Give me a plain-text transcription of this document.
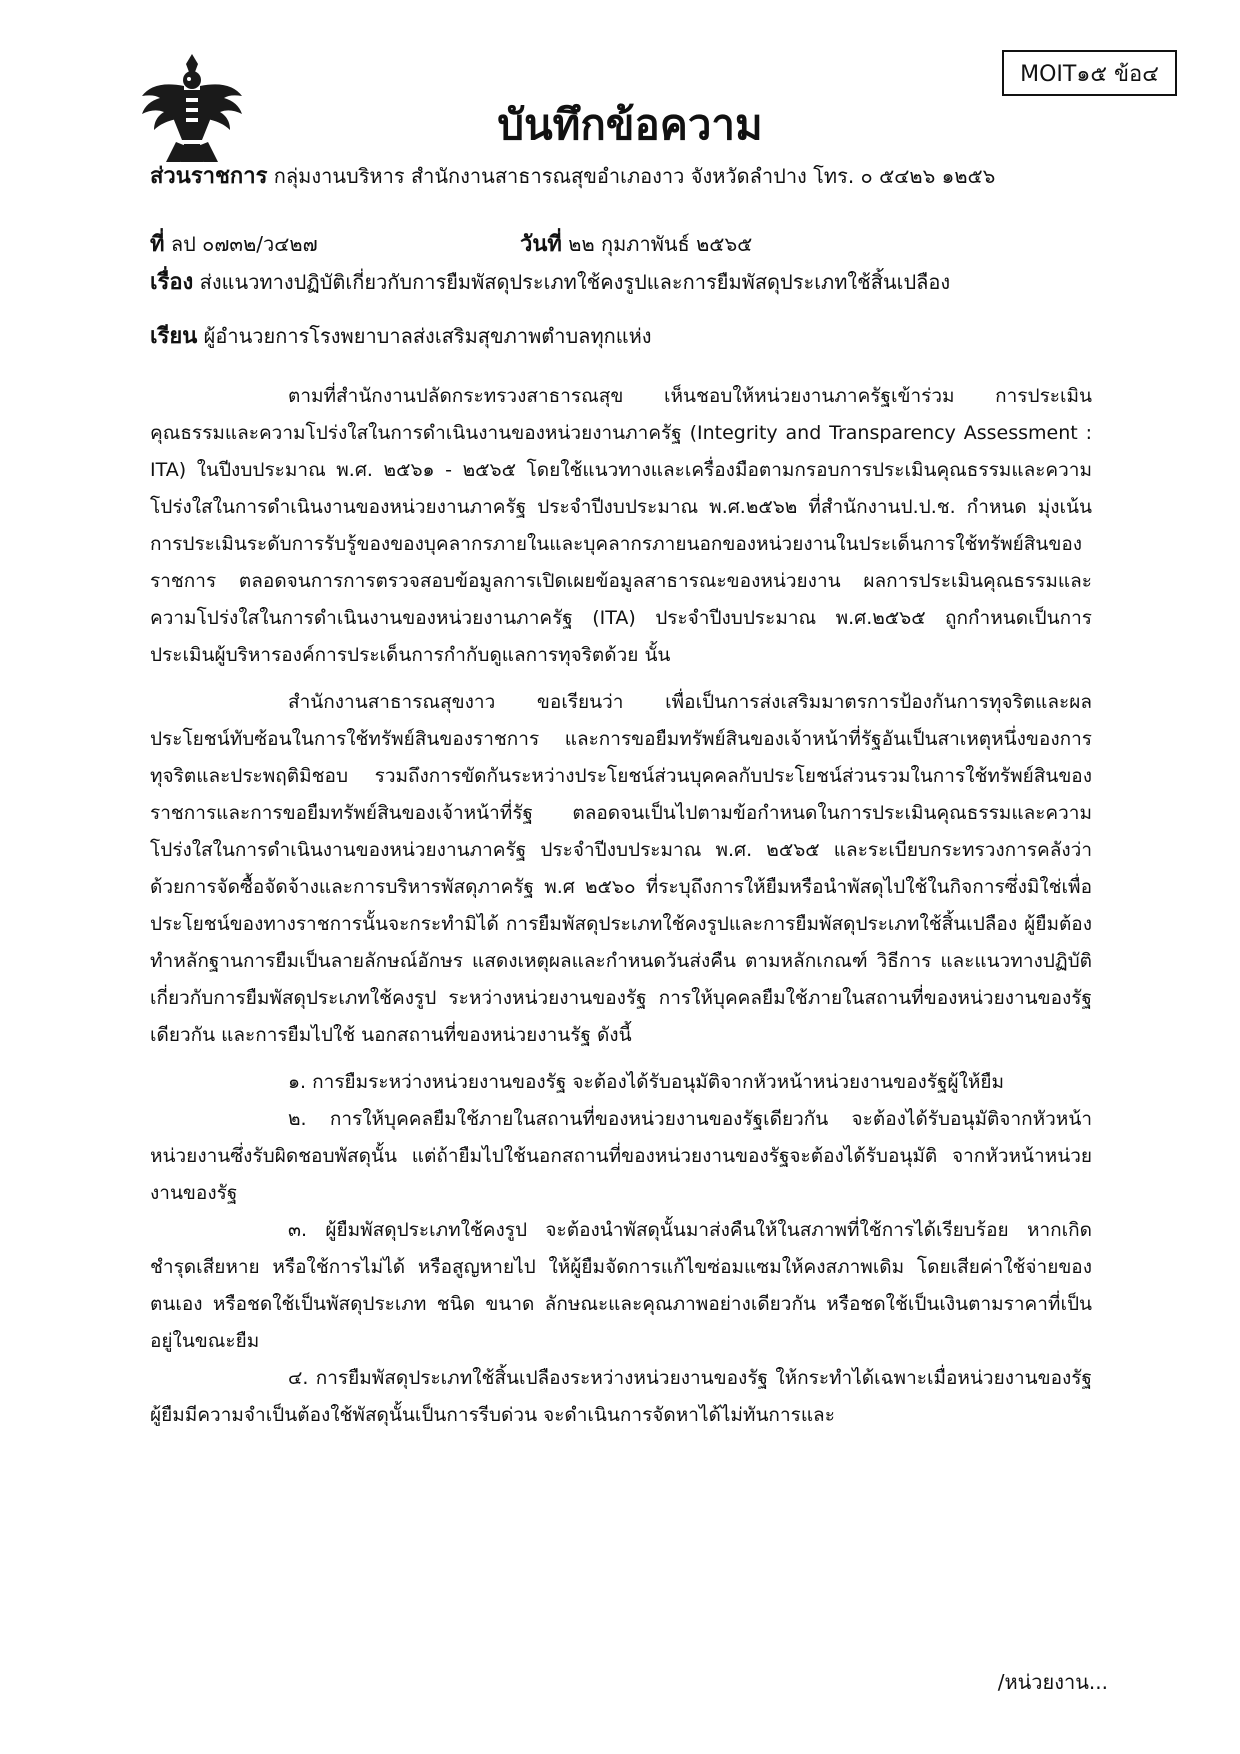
MOIT๑๕ ข้อ๔
บันทึกข้อความ
ส่วนราชการ กลุ่มงานบริหาร สำนักงานสาธารณสุขอำเภองาว จังหวัดลำปาง โทร. ๐ ๕๔๒๖ ๑๒๕๖
ที่ ลป ๐๗๓๒/ว๔๒๗	วันที่ ๒๒ กุมภาพันธ์ ๒๕๖๕
เรื่อง ส่งแนวทางปฏิบัติเกี่ยวกับการยืมพัสดุประเภทใช้คงรูปและการยืมพัสดุประเภทใช้สิ้นเปลือง
เรียน ผู้อำนวยการโรงพยาบาลส่งเสริมสุขภาพตำบลทุกแห่ง

ตามที่สำนักงานปลัดกระทรวงสาธารณสุข เห็นชอบให้หน่วยงานภาครัฐเข้าร่วม การประเมินคุณธรรมและความโปร่งใสในการดำเนินงานของหน่วยงานภาครัฐ (Integrity and Transparency Assessment : ITA) ในปีงบประมาณ พ.ศ. ๒๕๖๑ - ๒๕๖๕ โดยใช้แนวทางและเครื่องมือตามกรอบการประเมินคุณธรรมและความโปร่งใสในการดำเนินงานของหน่วยงานภาครัฐ ประจำปีงบประมาณ พ.ศ.๒๕๖๒ ที่สำนักงานป.ป.ช. กำหนด มุ่งเน้นการประเมินระดับการรับรู้ของของบุคลากรภายในและบุคลากรภายนอกของหน่วยงานในประเด็นการใช้ทรัพย์สินของราชการ ตลอดจนการการตรวจสอบข้อมูลการเปิดเผยข้อมูลสาธารณะของหน่วยงาน ผลการประเมินคุณธรรมและความโปร่งใสในการดำเนินงานของหน่วยงานภาครัฐ (ITA) ประจำปีงบประมาณ พ.ศ.๒๕๖๕ ถูกกำหนดเป็นการประเมินผู้บริหารองค์การประเด็นการกำกับดูแลการทุจริตด้วย นั้น

สำนักงานสาธารณสุขงาว ขอเรียนว่า เพื่อเป็นการส่งเสริมมาตรการป้องกันการทุจริตและผลประโยชน์ทับซ้อนในการใช้ทรัพย์สินของราชการ และการขอยืมทรัพย์สินของเจ้าหน้าที่รัฐอันเป็นสาเหตุหนึ่งของการทุจริตและประพฤติมิชอบ รวมถึงการขัดกันระหว่างประโยชน์ส่วนบุคคลกับประโยชน์ส่วนรวมในการใช้ทรัพย์สินของราชการและการขอยืมทรัพย์สินของเจ้าหน้าที่รัฐ ตลอดจนเป็นไปตามข้อกำหนดในการประเมินคุณธรรมและความโปร่งใสในการดำเนินงานของหน่วยงานภาครัฐ ประจำปีงบประมาณ พ.ศ. ๒๕๖๕ และระเบียบกระทรวงการคลังว่าด้วยการจัดซื้อจัดจ้างและการบริหารพัสดุภาครัฐ พ.ศ ๒๕๖๐ ที่ระบุถึงการให้ยืมหรือนำพัสดุไปใช้ในกิจการซึ่งมิใช่เพื่อประโยชน์ของทางราชการนั้นจะกระทำมิได้ การยืมพัสดุประเภทใช้คงรูปและการยืมพัสดุประเภทใช้สิ้นเปลือง ผู้ยืมต้องทำหลักฐานการยืมเป็นลายลักษณ์อักษร แสดงเหตุผลและกำหนดวันส่งคืน ตามหลักเกณฑ์ วิธีการ และแนวทางปฏิบัติเกี่ยวกับการยืมพัสดุประเภทใช้คงรูป ระหว่างหน่วยงานของรัฐ การให้บุคคลยืมใช้ภายในสถานที่ของหน่วยงานของรัฐเดียวกัน และการยืมไปใช้ นอกสถานที่ของหน่วยงานรัฐ ดังนี้

๑. การยืมระหว่างหน่วยงานของรัฐ จะต้องได้รับอนุมัติจากหัวหน้าหน่วยงานของรัฐผู้ให้ยืม

๒. การให้บุคคลยืมใช้ภายในสถานที่ของหน่วยงานของรัฐเดียวกัน จะต้องได้รับอนุมัติจากหัวหน้าหน่วยงานซึ่งรับผิดชอบพัสดุนั้น แต่ถ้ายืมไปใช้นอกสถานที่ของหน่วยงานของรัฐจะต้องได้รับอนุมัติ จากหัวหน้าหน่วยงานของรัฐ

๓. ผู้ยืมพัสดุประเภทใช้คงรูป จะต้องนำพัสดุนั้นมาส่งคืนให้ในสภาพที่ใช้การได้เรียบร้อย หากเกิดชำรุดเสียหาย หรือใช้การไม่ได้ หรือสูญหายไป ให้ผู้ยืมจัดการแก้ไขซ่อมแซมให้คงสภาพเดิม โดยเสียค่าใช้จ่ายของตนเอง หรือชดใช้เป็นพัสดุประเภท ชนิด ขนาด ลักษณะและคุณภาพอย่างเดียวกัน หรือชดใช้เป็นเงินตามราคาที่เป็นอยู่ในขณะยืม

๔. การยืมพัสดุประเภทใช้สิ้นเปลืองระหว่างหน่วยงานของรัฐ ให้กระทำได้เฉพาะเมื่อหน่วยงานของรัฐผู้ยืมมีความจำเป็นต้องใช้พัสดุนั้นเป็นการรีบด่วน จะดำเนินการจัดหาได้ไม่ทันการและ

/หน่วยงาน...
